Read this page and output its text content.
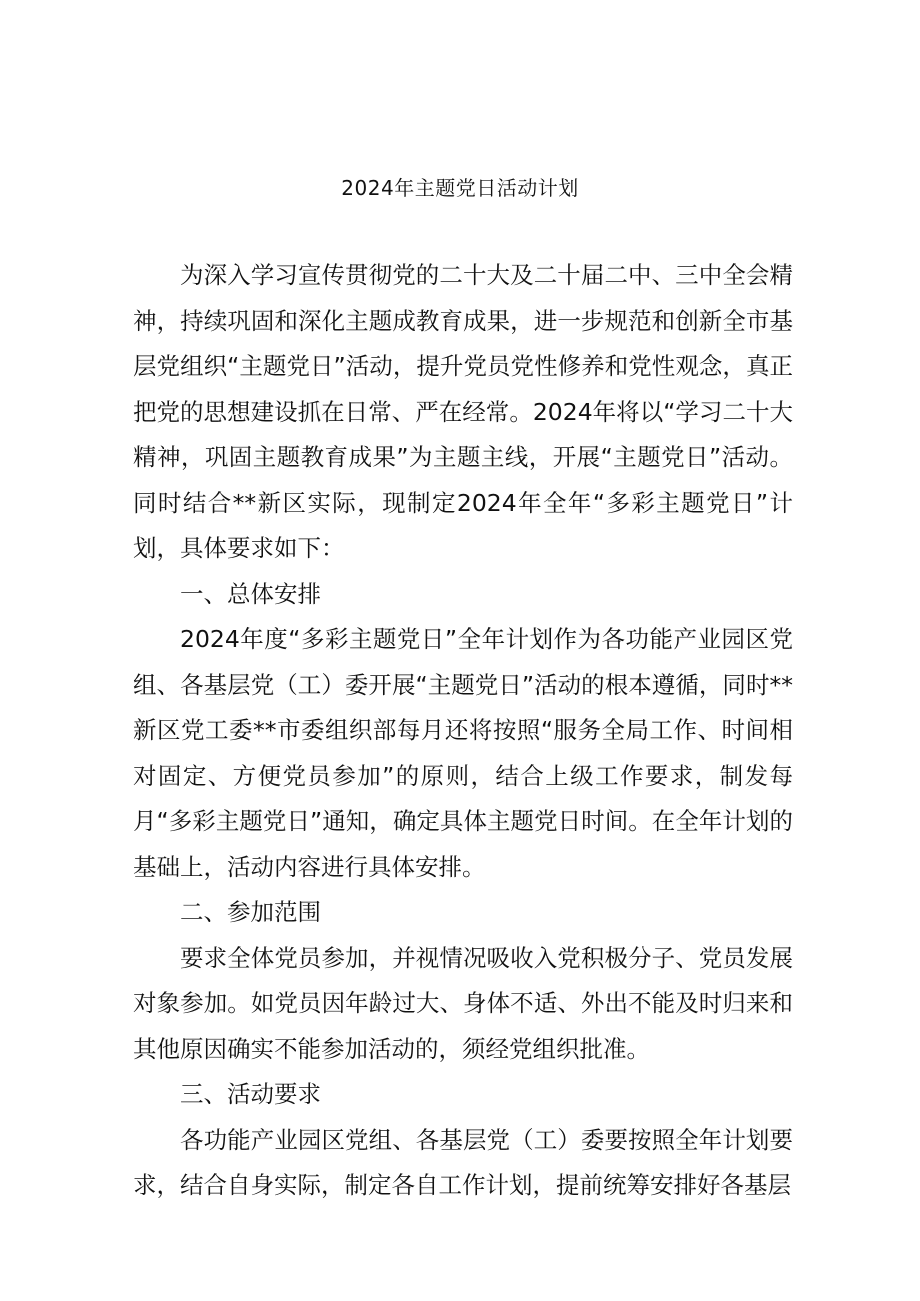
2024年主题党日活动计划

为深入学习宣传贯彻党的二十大及二十届二中、三中全会精神，持续巩固和深化主题成教育成果，进一步规范和创新全市基层党组织“主题党日”活动，提升党员党性修养和党性观念，真正把党的思想建设抓在日常、严在经常。2024年将以“学习二十大精神，巩固主题教育成果”为主题主线，开展“主题党日”活动。同时结合**新区实际，现制定2024年全年“多彩主题党日”计划，具体要求如下：

一、总体安排

2024年度“多彩主题党日”全年计划作为各功能产业园区党组、各基层党（工）委开展“主题党日”活动的根本遵循，同时**新区党工委**市委组织部每月还将按照“服务全局工作、时间相对固定、方便党员参加”的原则，结合上级工作要求，制发每月“多彩主题党日”通知，确定具体主题党日时间。在全年计划的基础上，活动内容进行具体安排。

二、参加范围

要求全体党员参加，并视情况吸收入党积极分子、党员发展对象参加。如党员因年龄过大、身体不适、外出不能及时归来和其他原因确实不能参加活动的，须经党组织批准。

三、活动要求

各功能产业园区党组、各基层党（工）委要按照全年计划要求，结合自身实际，制定各自工作计划，提前统筹安排好各基层
